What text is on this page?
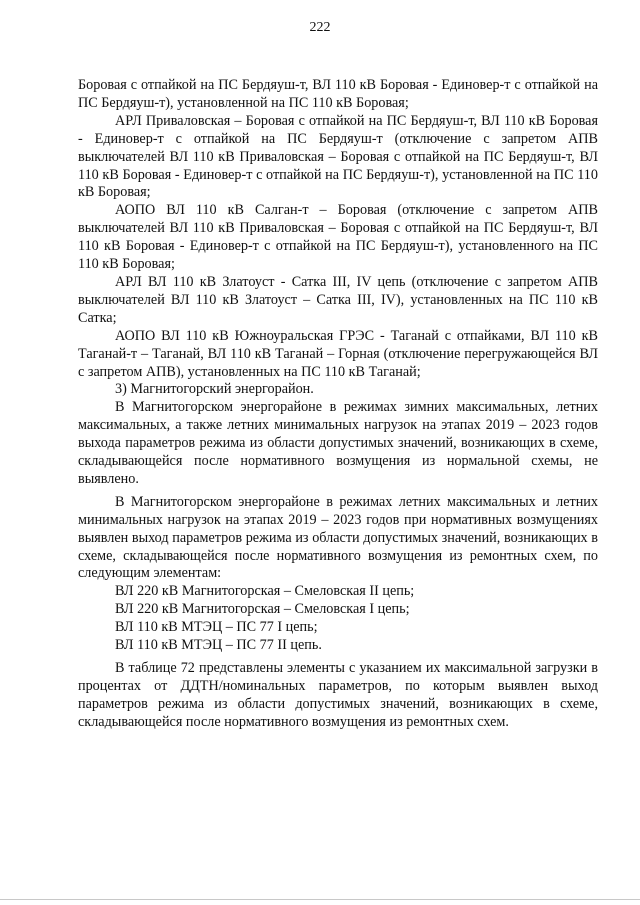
222

Боровая с отпайкой на ПС Бердяуш-т, ВЛ 110 кВ Боровая - Единовер-т с отпайкой на ПС Бердяуш-т), установленной на ПС 110 кВ Боровая;

АРЛ Приваловская – Боровая с отпайкой на ПС Бердяуш-т, ВЛ 110 кВ Боровая - Единовер-т с отпайкой на ПС Бердяуш-т (отключение с запретом АПВ выключателей ВЛ 110 кВ Приваловская – Боровая с отпайкой на ПС Бердяуш-т, ВЛ 110 кВ Боровая - Единовер-т с отпайкой на ПС Бердяуш-т), установленной на ПС 110 кВ Боровая;

АОПО ВЛ 110 кВ Салган-т – Боровая (отключение с запретом АПВ выключателей ВЛ 110 кВ Приваловская – Боровая с отпайкой на ПС Бердяуш-т, ВЛ 110 кВ Боровая - Единовер-т с отпайкой на ПС Бердяуш-т), установленного на ПС 110 кВ Боровая;

АРЛ ВЛ 110 кВ Златоуст - Сатка III, IV цепь (отключение с запретом АПВ выключателей ВЛ 110 кВ Златоуст – Сатка III, IV), установленных на ПС 110 кВ Сатка;

АОПО ВЛ 110 кВ Южноуральская ГРЭС - Таганай с отпайками, ВЛ 110 кВ Таганай-т – Таганай, ВЛ 110 кВ Таганай – Горная (отключение перегружающейся ВЛ с запретом АПВ), установленных на ПС 110 кВ Таганай;

3) Магнитогорский энергорайон.

В Магнитогорском энергорайоне в режимах зимних максимальных, летних максимальных, а также летних минимальных нагрузок на этапах 2019 – 2023 годов выхода параметров режима из области допустимых значений, возникающих в схеме, складывающейся после нормативного возмущения из нормальной схемы, не выявлено.

В Магнитогорском энергорайоне в режимах летних максимальных и летних минимальных нагрузок на этапах 2019 – 2023 годов при нормативных возмущениях выявлен выход параметров режима из области допустимых значений, возникающих в схеме, складывающейся после нормативного возмущения из ремонтных схем, по следующим элементам:

ВЛ 220 кВ Магнитогорская – Смеловская II цепь;
ВЛ 220 кВ Магнитогорская – Смеловская I цепь;
ВЛ 110 кВ МТЭЦ – ПС 77 I цепь;
ВЛ 110 кВ МТЭЦ – ПС 77 II цепь.

В таблице 72 представлены элементы с указанием их максимальной загрузки в процентах от ДДТН/номинальных параметров, по которым выявлен выход параметров режима из области допустимых значений, возникающих в схеме, складывающейся после нормативного возмущения из ремонтных схем.
